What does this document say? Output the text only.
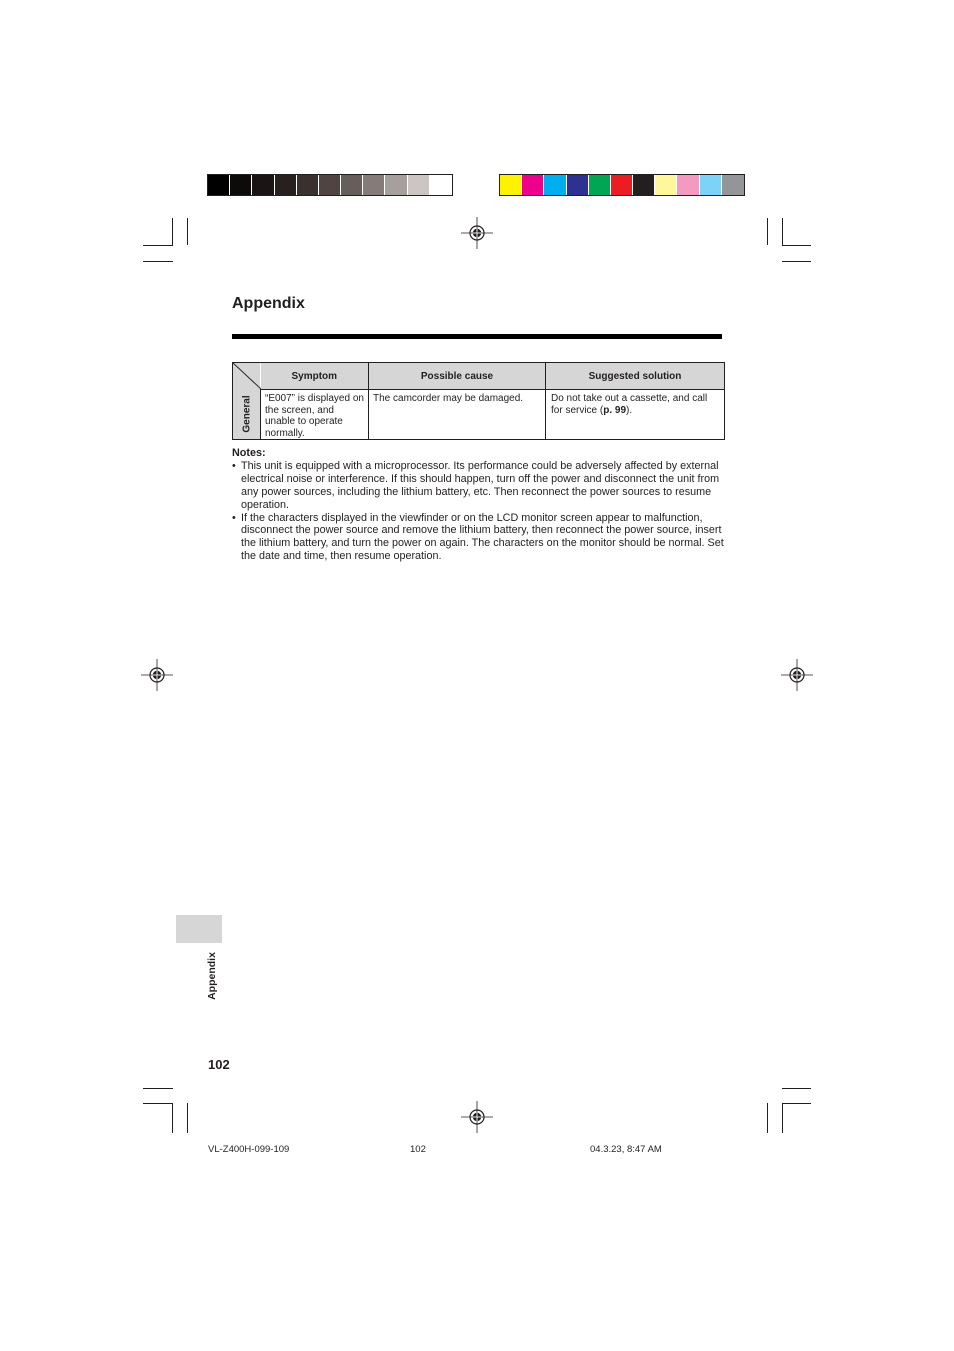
Appendix
General	Symptom	Possible cause	Suggested solution
	“E007” is displayed on the screen, and unable to operate normally.	The camcorder may be damaged.	Do not take out a cassette, and call for service (p. 99).
Notes:
• This unit is equipped with a microprocessor. Its performance could be adversely affected by external electrical noise or interference. If this should happen, turn off the power and disconnect the unit from any power sources, including the lithium battery, etc. Then reconnect the power sources to resume operation.
• If the characters displayed in the viewfinder or on the LCD monitor screen appear to malfunction, disconnect the power source and remove the lithium battery, then reconnect the power source, insert the lithium battery, and turn the power on again. The characters on the monitor should be normal. Set the date and time, then resume operation.
Appendix
102
VL-Z400H-099-109	102	04.3.23, 8:47 AM
